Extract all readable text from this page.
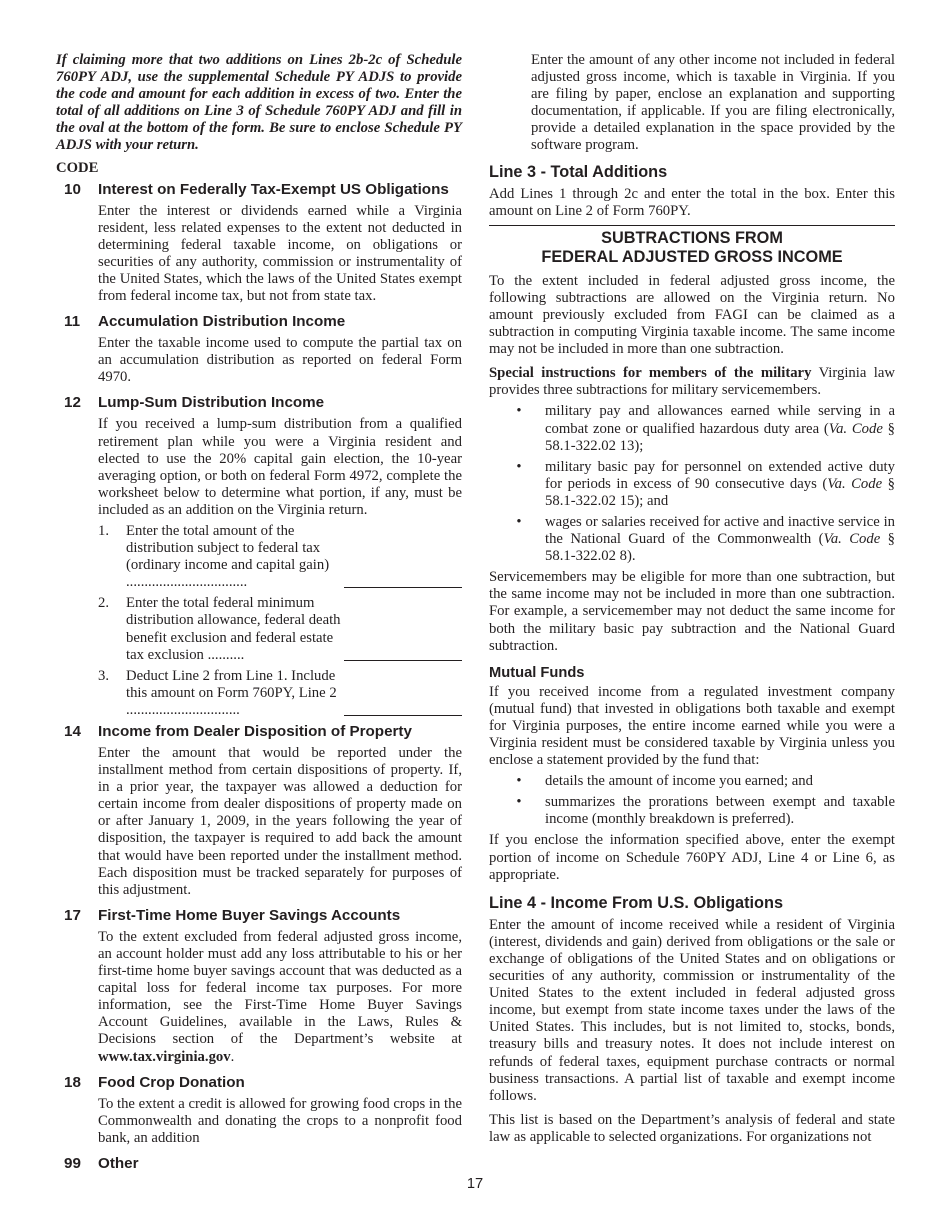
If claiming more that two additions on Lines 2b-2c of Schedule 760PY ADJ, use the supplemental Schedule PY ADJS to provide the code and amount for each addition in excess of two. Enter the total of all additions on Line 3 of Schedule 760PY ADJ and fill in the oval at the bottom of the form. Be sure to enclose Schedule PY ADJS with your return.

CODE
10	Interest on Federally Tax-Exempt US Obligations

Enter the interest or dividends earned while a Virginia resident, less related expenses to the extent not deducted in determining federal taxable income, on obligations or securities of any authority, commission or instrumentality of the United States, which the laws of the United States exempt from federal income tax, but not from state tax.

11	Accumulation Distribution Income

Enter the taxable income used to compute the partial tax on an accumulation distribution as reported on federal Form 4970.

12	Lump-Sum Distribution Income

If you received a lump-sum distribution from a qualified retirement plan while you were a Virginia resident and elected to use the 20% capital gain election, the 10-year averaging option, or both on federal Form 4972, complete the worksheet below to determine what portion, if any, must be included as an addition on the Virginia return.

1.	Enter the total amount of the distribution subject to federal tax (ordinary income and capital gain) .................................
2.	Enter the total federal minimum distribution allowance, federal death benefit exclusion and federal estate tax exclusion ..........
3.	Deduct Line 2 from Line 1. Include this amount on Form 760PY, Line 2 ...............................
14	Income from Dealer Disposition of Property

Enter the amount that would be reported under the installment method from certain dispositions of property. If, in a prior year, the taxpayer was allowed a deduction for certain income from dealer dispositions of property made on or after January 1, 2009, in the years following the year of disposition, the taxpayer is required to add back the amount that would have been reported under the installment method. Each disposition must be tracked separately for purposes of this adjustment.

17	First-Time Home Buyer Savings Accounts

To the extent excluded from federal adjusted gross income, an account holder must add any loss attributable to his or her first-time home buyer savings account that was deducted as a capital loss for federal income tax purposes. For more information, see the First-Time Home Buyer Savings Account Guidelines, available in the Laws, Rules & Decisions section of the Department’s website at www.tax.virginia.gov.

18	Food Crop Donation

To the extent a credit is allowed for growing food crops in the Commonwealth and donating the crops to a nonprofit food bank, an addition

99	Other

Enter the amount of any other income not included in federal adjusted gross income, which is taxable in Virginia. If you are filing by paper, enclose an explanation and supporting documentation, if applicable. If you are filing electronically, provide a detailed explanation in the space provided by the software program.

Line 3 - Total Additions

Add Lines 1 through 2c and enter the total in the box. Enter this amount on Line 2 of Form 760PY.

SUBTRACTIONS FROM
FEDERAL ADJUSTED GROSS INCOME

To the extent included in federal adjusted gross income, the following subtractions are allowed on the Virginia return. No amount previously excluded from FAGI can be claimed as a subtraction in computing Virginia taxable income. The same income may not be included in more than one subtraction.

Special instructions for members of the military Virginia law provides three subtractions for military servicemembers.

•	military pay and allowances earned while serving in a combat zone or qualified hazardous duty area (Va. Code § 58.1-322.02 13);
•	military basic pay for personnel on extended active duty for periods in excess of 90 consecutive days (Va. Code § 58.1-322.02 15); and
•	wages or salaries received for active and inactive service in the National Guard of the Commonwealth (Va. Code § 58.1-322.02 8).

Servicemembers may be eligible for more than one subtraction, but the same income may not be included in more than one subtraction. For example, a servicemember may not deduct the same income for both the military basic pay subtraction and the National Guard subtraction.

Mutual Funds

If you received income from a regulated investment company (mutual fund) that invested in obligations both taxable and exempt for Virginia purposes, the entire income earned while you were a Virginia resident must be considered taxable by Virginia unless you enclose a statement provided by the fund that:

•	details the amount of income you earned; and
•	summarizes the prorations between exempt and taxable income (monthly breakdown is preferred).

If you enclose the information specified above, enter the exempt portion of income on Schedule 760PY ADJ, Line 4 or Line 6, as appropriate.

Line 4 - Income From U.S. Obligations

Enter the amount of income received while a resident of Virginia (interest, dividends and gain) derived from obligations or the sale or exchange of obligations of the United States and on obligations or securities of any authority, commission or instrumentality of the United States to the extent included in federal adjusted gross income, but exempt from state income taxes under the laws of the United States. This includes, but is not limited to, stocks, bonds, treasury bills and treasury notes. It does not include interest on refunds of federal taxes, equipment purchase contracts or normal business transactions. A partial list of taxable and exempt income follows.

This list is based on the Department’s analysis of federal and state law as applicable to selected organizations. For organizations not

17
